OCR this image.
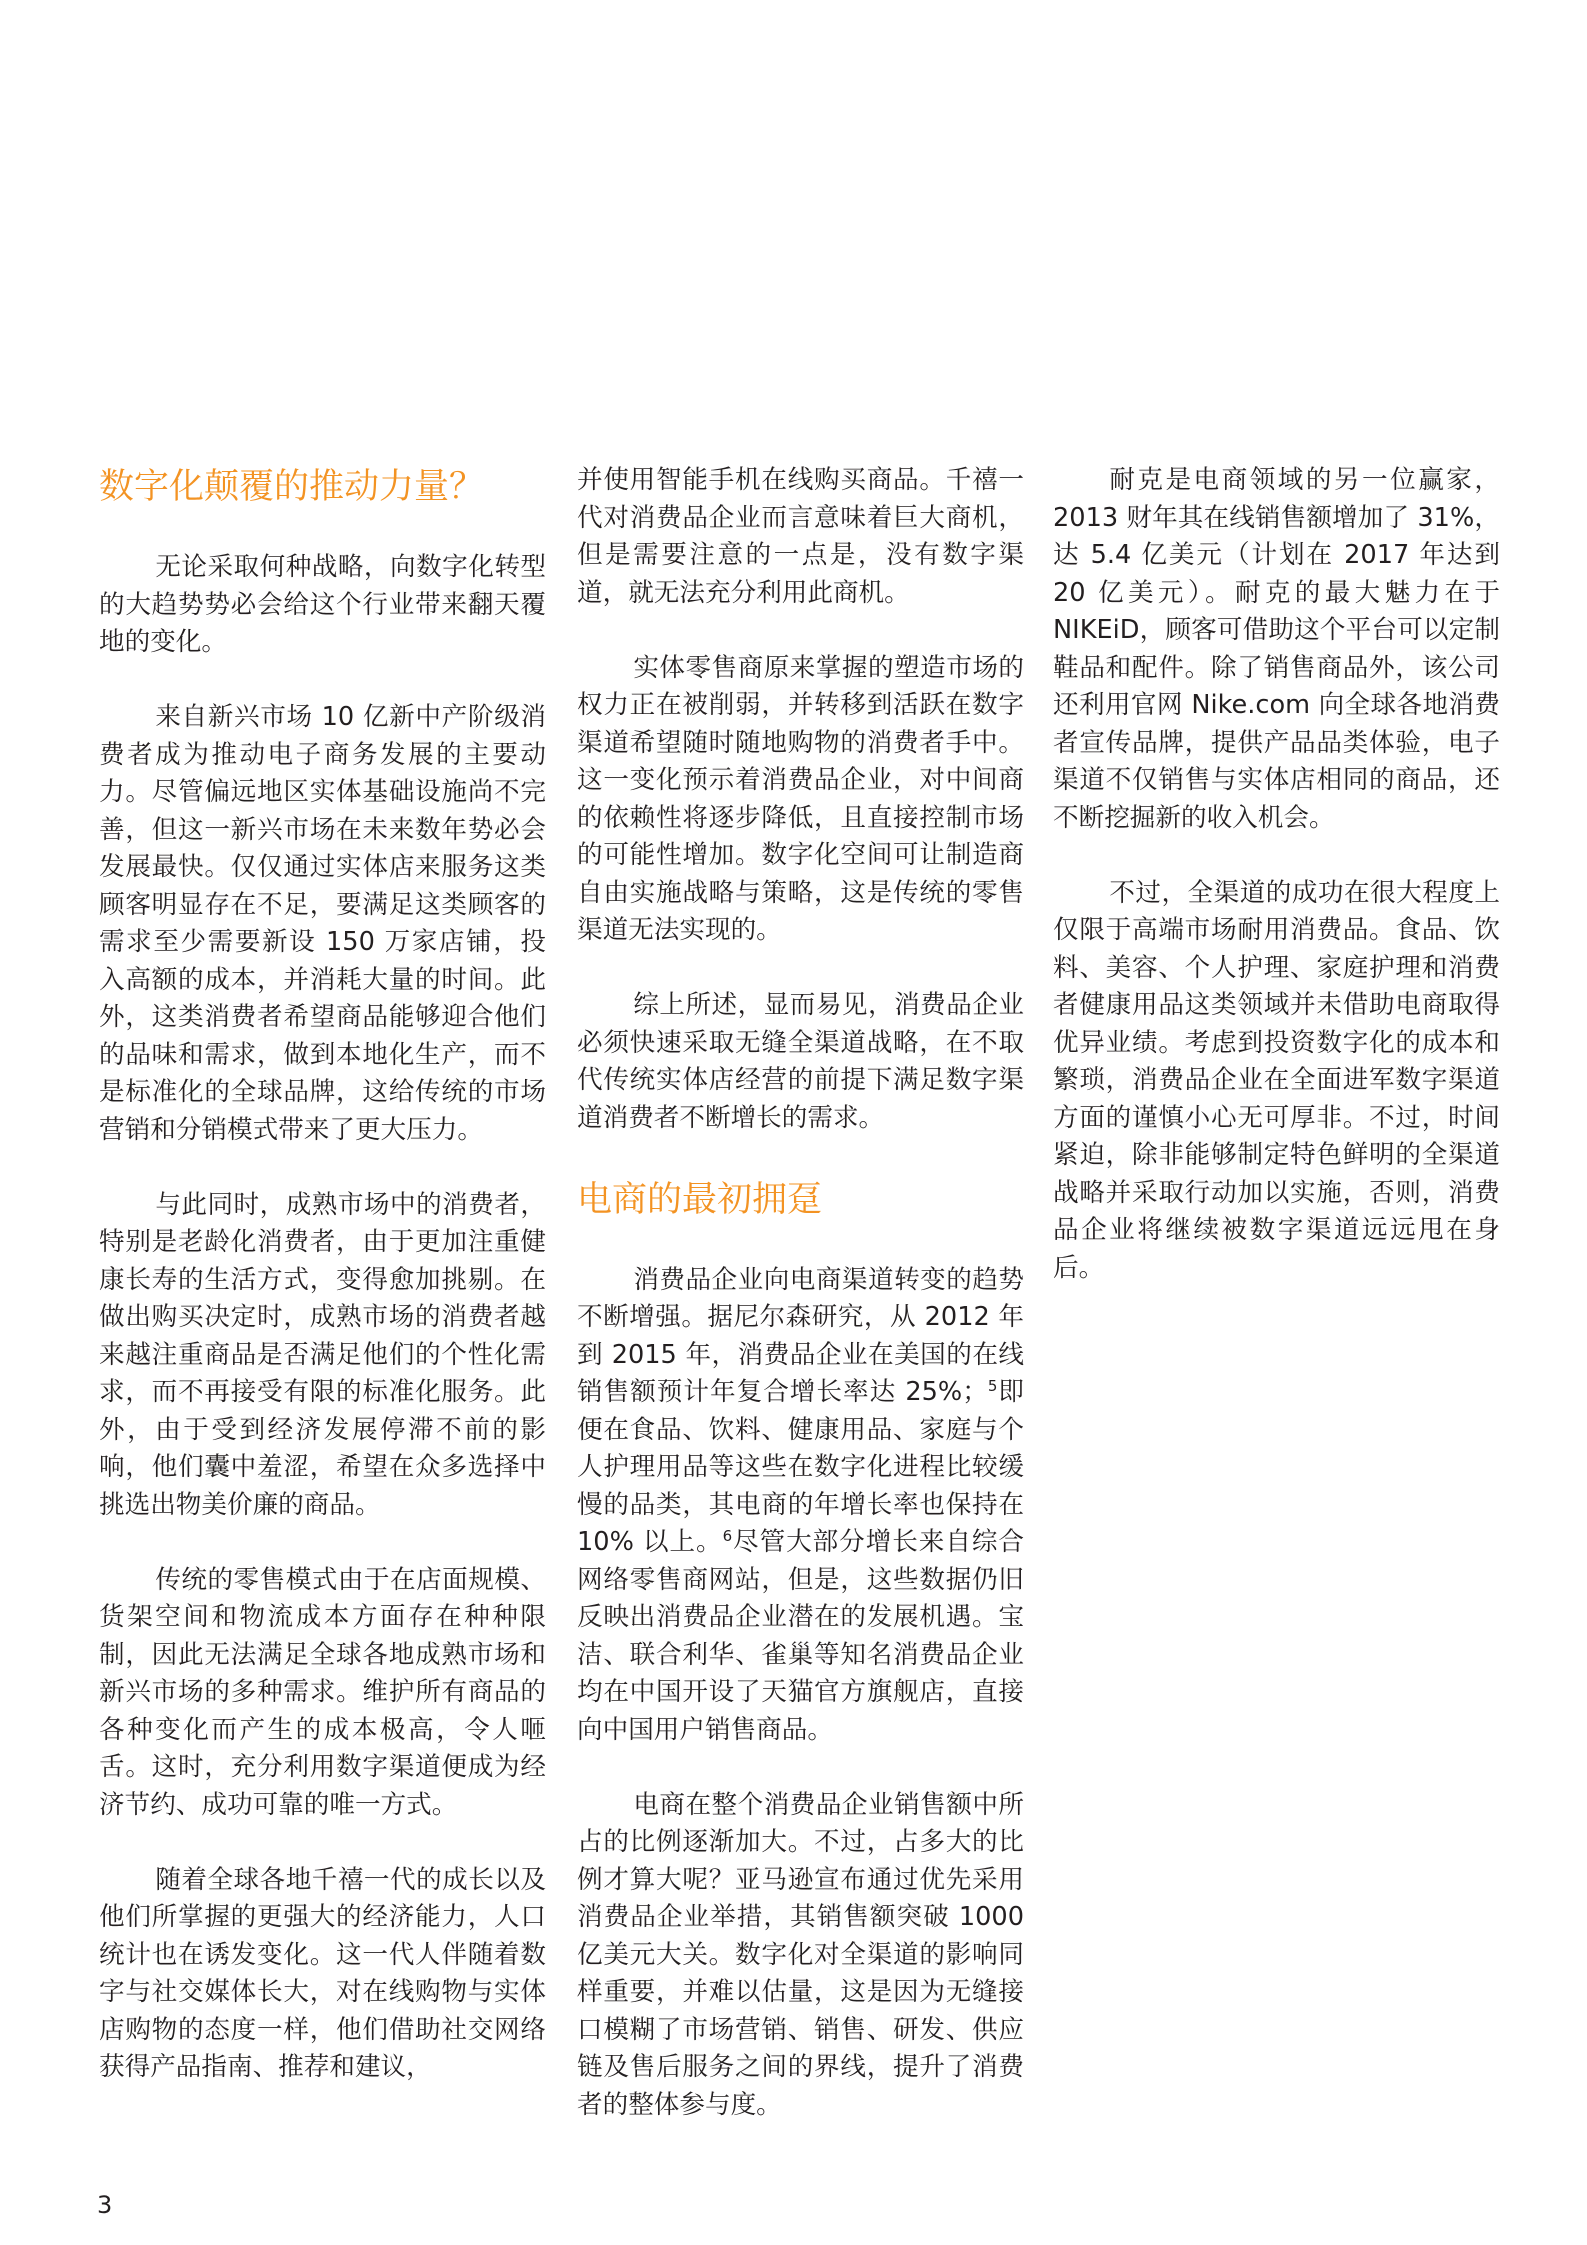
数字化颠覆的推动力量？

无论采取何种战略，向数字化转型的大趋势势必会给这个行业带来翻天覆地的变化。

来自新兴市场 10 亿新中产阶级消费者成为推动电子商务发展的主要动力。尽管偏远地区实体基础设施尚不完善，但这一新兴市场在未来数年势必会发展最快。仅仅通过实体店来服务这类顾客明显存在不足，要满足这类顾客的需求至少需要新设 150 万家店铺，投入高额的成本，并消耗大量的时间。此外，这类消费者希望商品能够迎合他们的品味和需求，做到本地化生产，而不是标准化的全球品牌，这给传统的市场营销和分销模式带来了更大压力。

与此同时，成熟市场中的消费者，特别是老龄化消费者，由于更加注重健康长寿的生活方式，变得愈加挑剔。在做出购买决定时，成熟市场的消费者越来越注重商品是否满足他们的个性化需求，而不再接受有限的标准化服务。此外，由于受到经济发展停滞不前的影响，他们囊中羞涩，希望在众多选择中挑选出物美价廉的商品。

传统的零售模式由于在店面规模、货架空间和物流成本方面存在种种限制，因此无法满足全球各地成熟市场和新兴市场的多种需求。维护所有商品的各种变化而产生的成本极高，令人咂舌。这时，充分利用数字渠道便成为经济节约、成功可靠的唯一方式。

随着全球各地千禧一代的成长以及他们所掌握的更强大的经济能力，人口统计也在诱发变化。这一代人伴随着数字与社交媒体长大，对在线购物与实体店购物的态度一样，他们借助社交网络获得产品指南、推荐和建议，

并使用智能手机在线购买商品。千禧一代对消费品企业而言意味着巨大商机，但是需要注意的一点是，没有数字渠道，就无法充分利用此商机。

实体零售商原来掌握的塑造市场的权力正在被削弱，并转移到活跃在数字渠道希望随时随地购物的消费者手中。这一变化预示着消费品企业，对中间商的依赖性将逐步降低，且直接控制市场的可能性增加。数字化空间可让制造商自由实施战略与策略，这是传统的零售渠道无法实现的。

综上所述，显而易见，消费品企业必须快速采取无缝全渠道战略，在不取代传统实体店经营的前提下满足数字渠道消费者不断增长的需求。

电商的最初拥趸

消费品企业向电商渠道转变的趋势不断增强。据尼尔森研究，从 2012 年到 2015 年，消费品企业在美国的在线销售额预计年复合增长率达 25%；$^5$即便在食品、饮料、健康用品、家庭与个人护理用品等这些在数字化进程比较缓慢的品类，其电商的年增长率也保持在 10% 以上。$^6$尽管大部分增长来自综合网络零售商网站，但是，这些数据仍旧反映出消费品企业潜在的发展机遇。宝洁、联合利华、雀巢等知名消费品企业均在中国开设了天猫官方旗舰店，直接向中国用户销售商品。

电商在整个消费品企业销售额中所占的比例逐渐加大。不过，占多大的比例才算大呢？亚马逊宣布通过优先采用消费品企业举措，其销售额突破 1000 亿美元大关。数字化对全渠道的影响同样重要，并难以估量，这是因为无缝接口模糊了市场营销、销售、研发、供应链及售后服务之间的界线，提升了消费者的整体参与度。

耐克是电商领域的另一位赢家，2013 财年其在线销售额增加了 31%，达 5.4 亿美元（计划在 2017 年达到 20 亿美元）。耐克的最大魅力在于 NIKEiD，顾客可借助这个平台可以定制鞋品和配件。除了销售商品外，该公司还利用官网 Nike.com 向全球各地消费者宣传品牌，提供产品品类体验，电子渠道不仅销售与实体店相同的商品，还不断挖掘新的收入机会。

不过，全渠道的成功在很大程度上仅限于高端市场耐用消费品。食品、饮料、美容、个人护理、家庭护理和消费者健康用品这类领域并未借助电商取得优异业绩。考虑到投资数字化的成本和繁琐，消费品企业在全面进军数字渠道方面的谨慎小心无可厚非。不过，时间紧迫，除非能够制定特色鲜明的全渠道战略并采取行动加以实施，否则，消费品企业将继续被数字渠道远远甩在身后。

3
